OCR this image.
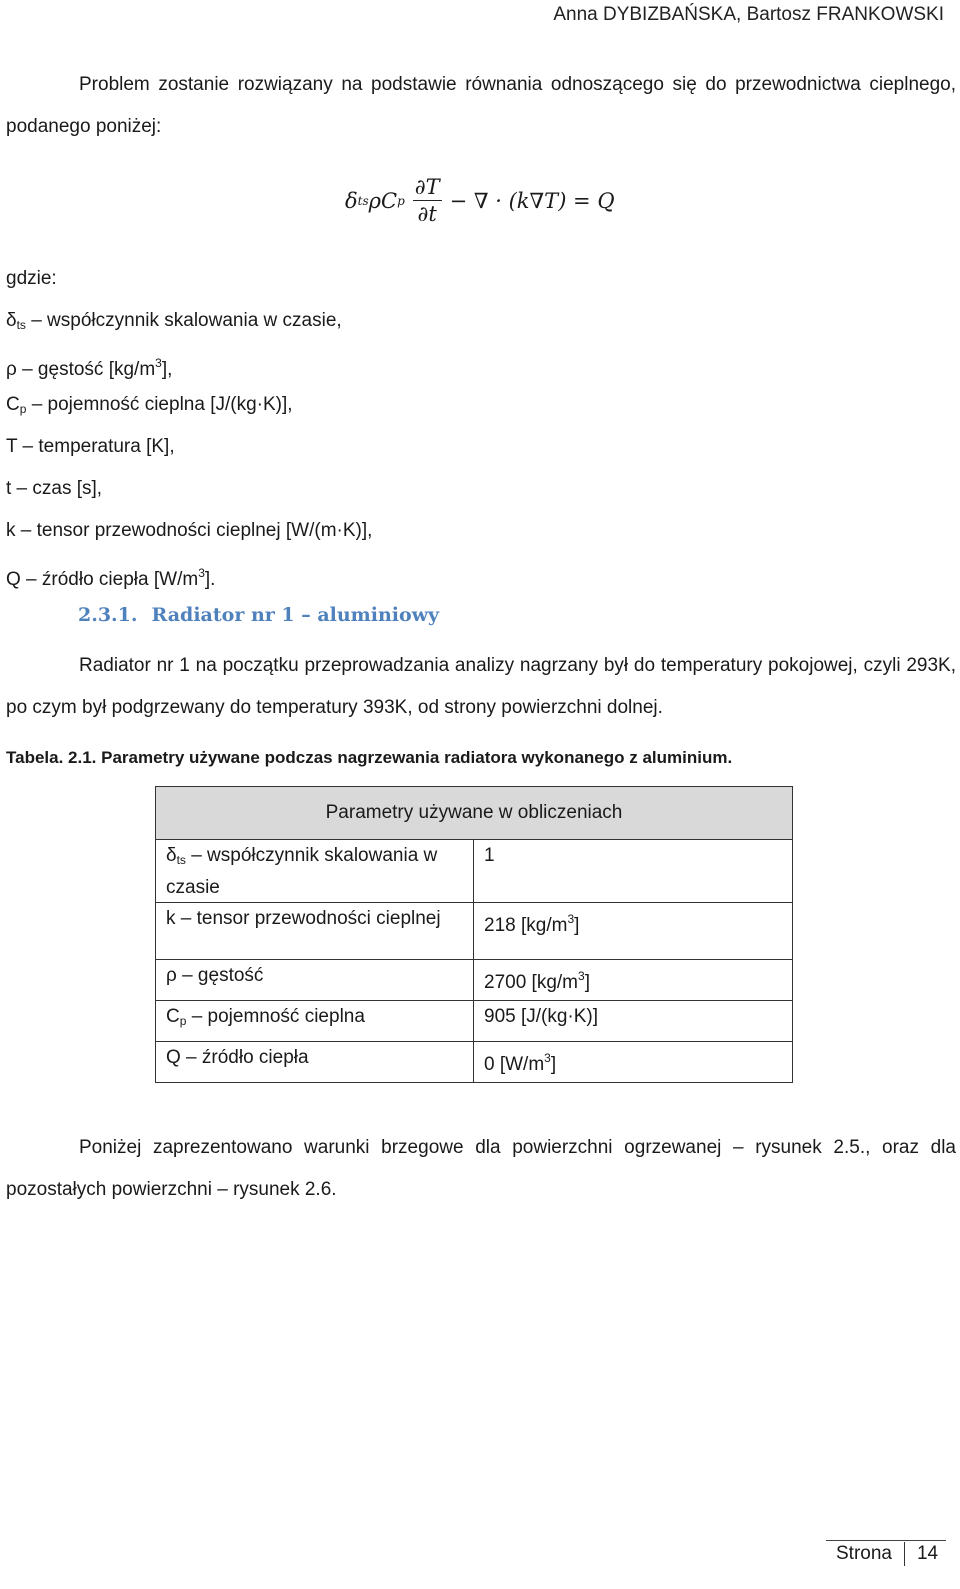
Anna DYBIZBAŃSKA, Bartosz FRANKOWSKI
Problem zostanie rozwiązany na podstawie równania odnoszącego się do przewodnictwa cieplnego, podanego poniżej:
δ ts ρ C p $\frac{\partial T}{\partial t}$ − ∇ · (k∇T) = Q
gdzie:
$\delta_{ts}$ – współczynnik skalowania w czasie,
ρ – gęstość $[kg/m^3]$,
$C_p$ – pojemność cieplna [J/(kg·K)],
T – temperatura [K],
t – czas [s],
k – tensor przewodności cieplnej [W/(m·K)],
Q – źródło ciepła $[W/m^3]$.
2.3.1. Radiator nr 1 – aluminiowy
Radiator nr 1 na początku przeprowadzania analizy nagrzany był do temperatury pokojowej, czyli 293K, po czym był podgrzewany do temperatury 393K, od strony powierzchni dolnej.
Tabela. 2.1. Parametry używane podczas nagrzewania radiatora wykonanego z aluminium.
Parametry używane w obliczeniach	
$\delta_{ts}$ – współczynnik skalowania w czasie	1
k – tensor przewodności cieplnej	218 $[kg/m^3]$
ρ – gęstość	2700 $[kg/m^3]$
$C_p$ – pojemność cieplna	905 [J/(kg·K)]
Q – źródło ciepła	0 $[W/m^3]$
Poniżej zaprezentowano warunki brzegowe dla powierzchni ogrzewanej – rysunek 2.5., oraz dla pozostałych powierzchni – rysunek 2.6.
Strona 14
